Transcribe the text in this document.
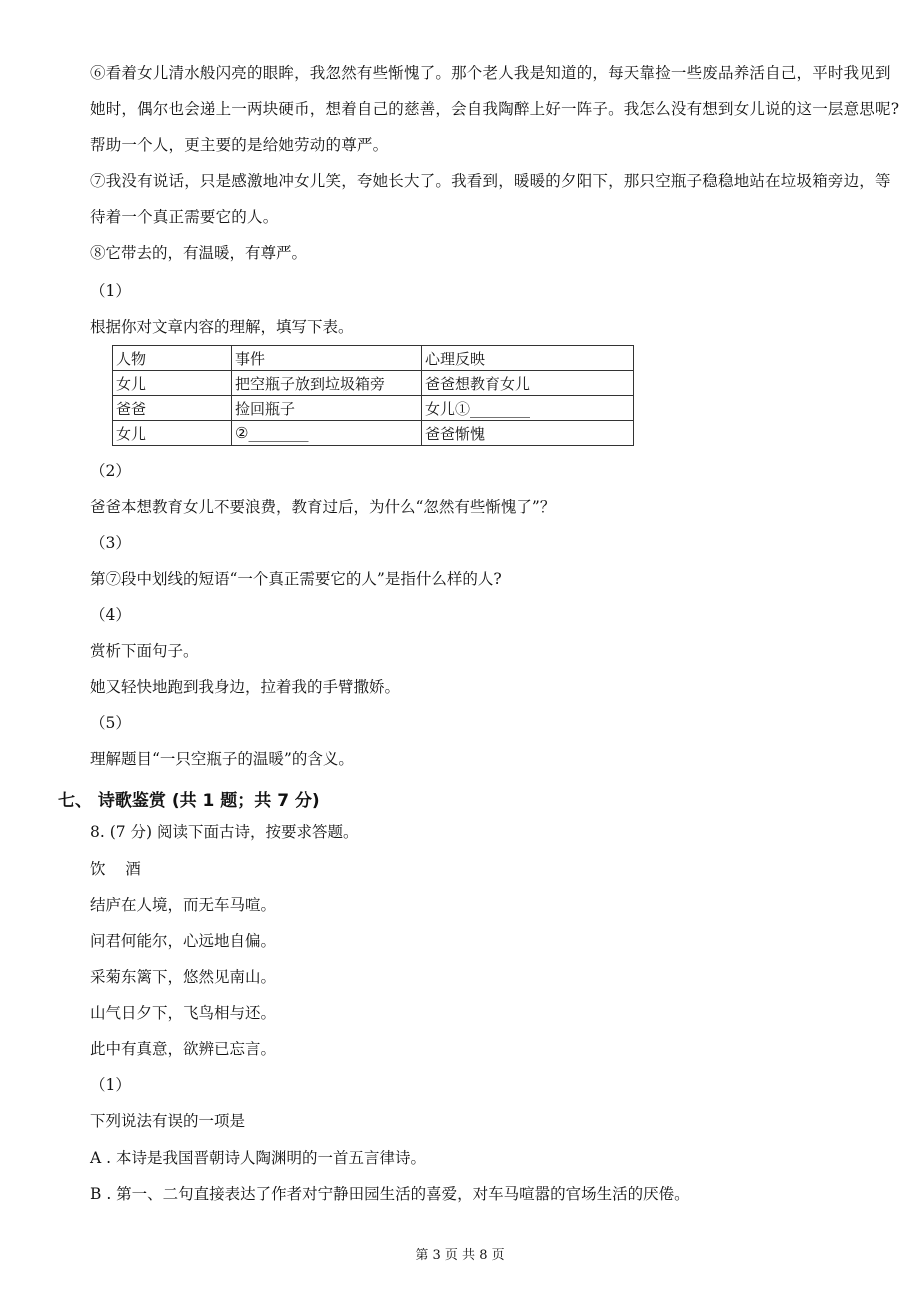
⑥看着女儿清水般闪亮的眼眸，我忽然有些惭愧了。那个老人我是知道的，每天靠捡一些废品养活自己，平时我见到她时，偶尔也会递上一两块硬币，想着自己的慈善，会自我陶醉上好一阵子。我怎么没有想到女儿说的这一层意思呢?帮助一个人，更主要的是给她劳动的尊严。
⑦我没有说话，只是感激地冲女儿笑，夸她长大了。我看到，暖暖的夕阳下，那只空瓶子稳稳地站在垃圾箱旁边，等待着一个真正需要它的人。
⑧它带去的，有温暖，有尊严。
（1）
根据你对文章内容的理解，填写下表。
人物	事件	心理反映
女儿	把空瓶子放到垃圾箱旁	爸爸想教育女儿
爸爸	捡回瓶子	女儿①________
女儿	②________	爸爸惭愧
（2）
爸爸本想教育女儿不要浪费，教育过后，为什么“忽然有些惭愧了”？
（3）
第⑦段中划线的短语“一个真正需要它的人”是指什么样的人?
（4）
赏析下面句子。
她又轻快地跑到我身边，拉着我的手臂撒娇。
（5）
理解题目“一只空瓶子的温暖”的含义。
七、 诗歌鉴赏 (共 1 题；共 7 分)
8. (7 分) 阅读下面古诗，按要求答题。
饮    酒
结庐在人境，而无车马喧。
问君何能尔，心远地自偏。
采菊东篱下，悠然见南山。
山气日夕下，飞鸟相与还。
此中有真意，欲辨已忘言。
（1）
下列说法有误的一项是
A . 本诗是我国晋朝诗人陶渊明的一首五言律诗。
B . 第一、二句直接表达了作者对宁静田园生活的喜爱，对车马喧嚣的官场生活的厌倦。
第 3 页 共 8 页
